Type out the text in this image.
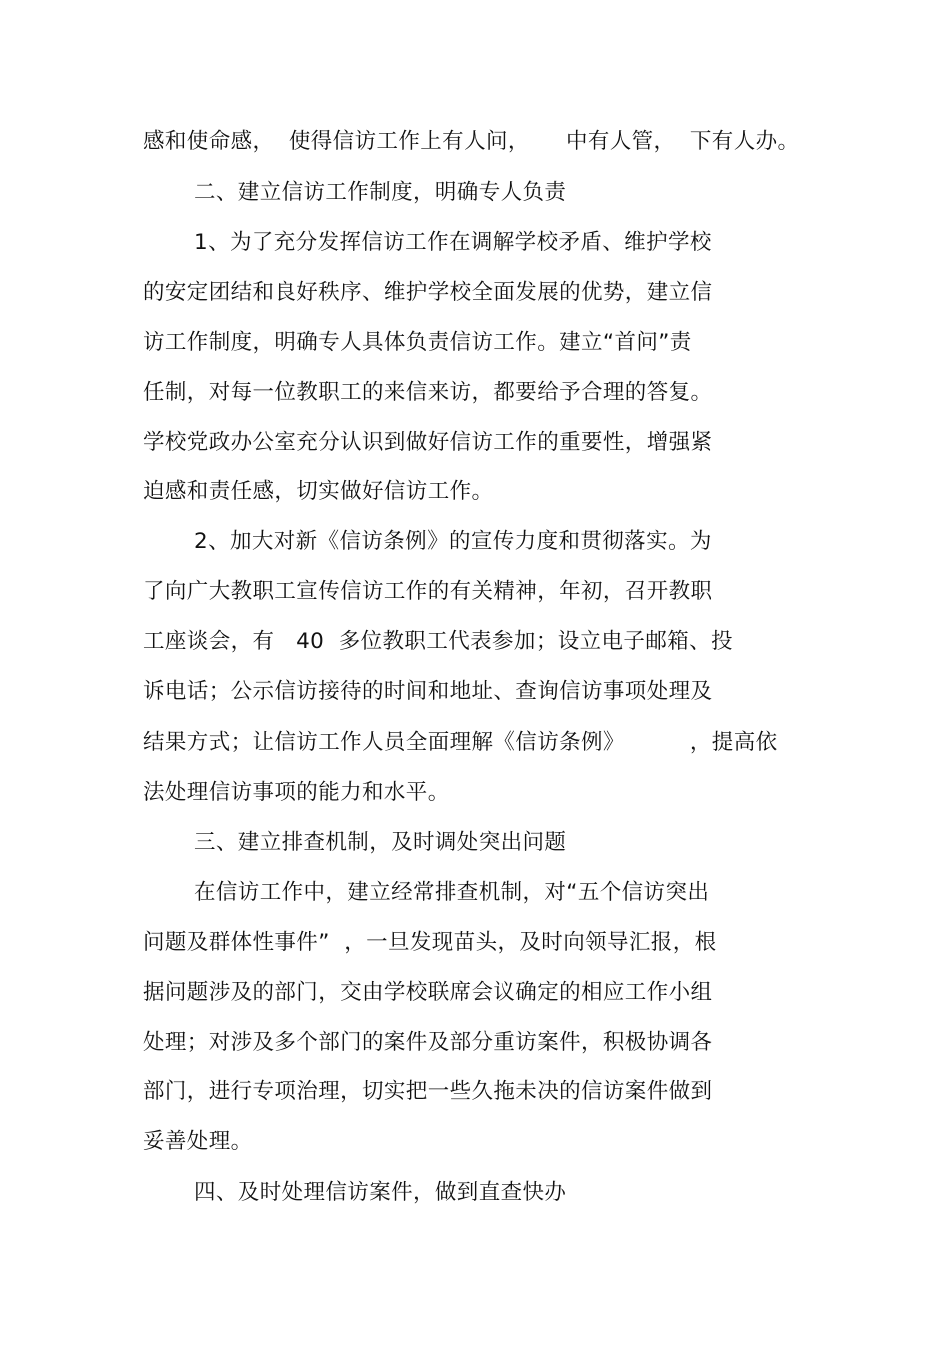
感和使命感，  使得信访工作上有人问，     中有人管，  下有人办。
二、建立信访工作制度，明确专人负责
1、为了充分发挥信访工作在调解学校矛盾、维护学校
的安定团结和良好秩序、维护学校全面发展的优势，建立信
访工作制度，明确专人具体负责信访工作。建立“首问”责
任制，对每一位教职工的来信来访，都要给予合理的答复。
学校党政办公室充分认识到做好信访工作的重要性，增强紧
迫感和责任感，切实做好信访工作。
2、加大对新《信访条例》的宣传力度和贯彻落实。为
了向广大教职工宣传信访工作的有关精神，年初，召开教职
工座谈会，有   40  多位教职工代表参加；设立电子邮箱、投
诉电话；公示信访接待的时间和地址、查询信访事项处理及
结果方式；让信访工作人员全面理解《信访条例》         ，提高依
法处理信访事项的能力和水平。
三、建立排查机制，及时调处突出问题
在信访工作中，建立经常排查机制，对“五个信访突出
问题及群体性事件”  ，一旦发现苗头，及时向领导汇报，根
据问题涉及的部门，交由学校联席会议确定的相应工作小组
处理；对涉及多个部门的案件及部分重访案件，积极协调各
部门，进行专项治理，切实把一些久拖未决的信访案件做到
妥善处理。
四、及时处理信访案件，做到直查快办
